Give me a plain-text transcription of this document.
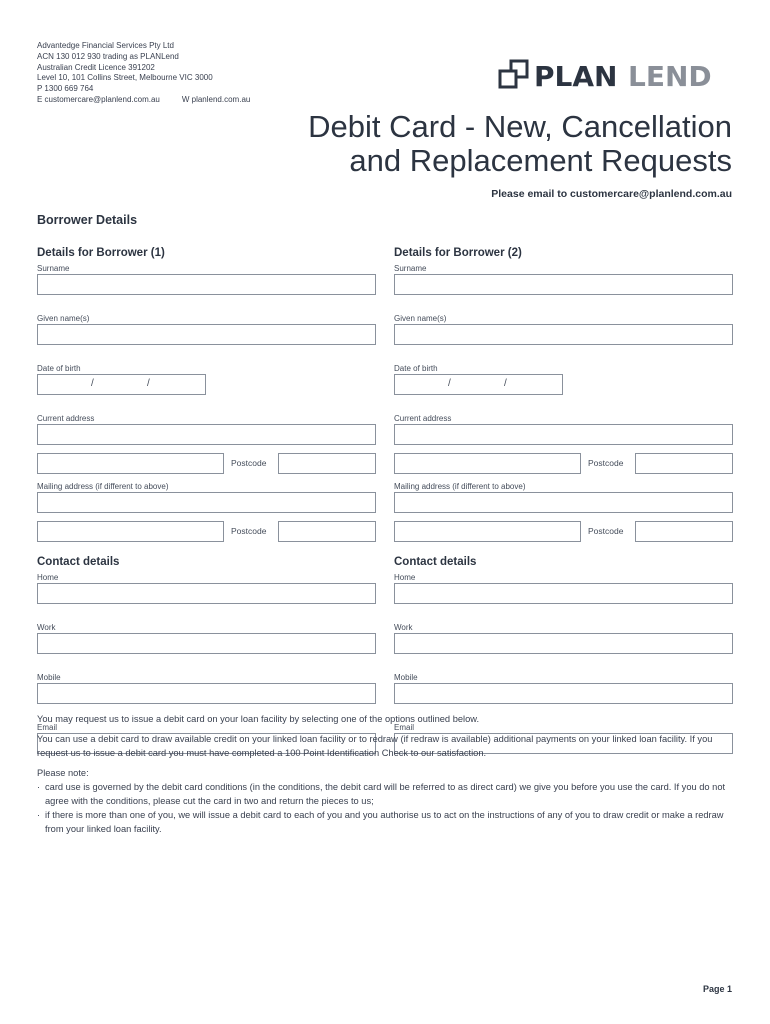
Advantedge Financial Services Pty Ltd
ACN 130 012 930 trading as PLANLend
Australian Credit Licence 391202
Level 10, 101 Collins Street, Melbourne VIC 3000
P 1300 669 764
E customercare@planlend.com.au	W planlend.com.au
PLAN LEND
Debit Card - New, Cancellation
and Replacement Requests
Please email to customercare@planlend.com.au
Borrower Details
Details for Borrower (1)
Surname
Given name(s)
Date of birth
/	/
Current address
Postcode
Mailing address (if different to above)
Postcode
Contact details
Home
Work
Mobile
Email
Details for Borrower (2)
Surname
Given name(s)
Date of birth
/	/
Current address
Postcode
Mailing address (if different to above)
Postcode
Contact details
Home
Work
Mobile
Email

You may request us to issue a debit card on your loan facility by selecting one of the options outlined below.

You can use a debit card to draw available credit on your linked loan facility or to redraw (if redraw is available) additional payments on your linked loan facility. If you request us to issue a debit card you must have completed a 100 Point Identification Check to our satisfaction.

Please note:
· card use is governed by the debit card conditions (in the conditions, the debit card will be referred to as direct card) we give you before you use the card. If you do not agree with the conditions, please cut the card in two and return the pieces to us;
· if there is more than one of you, we will issue a debit card to each of you and you authorise us to act on the instructions of any of you to draw credit or make a redraw from your linked loan facility.
Page 1
